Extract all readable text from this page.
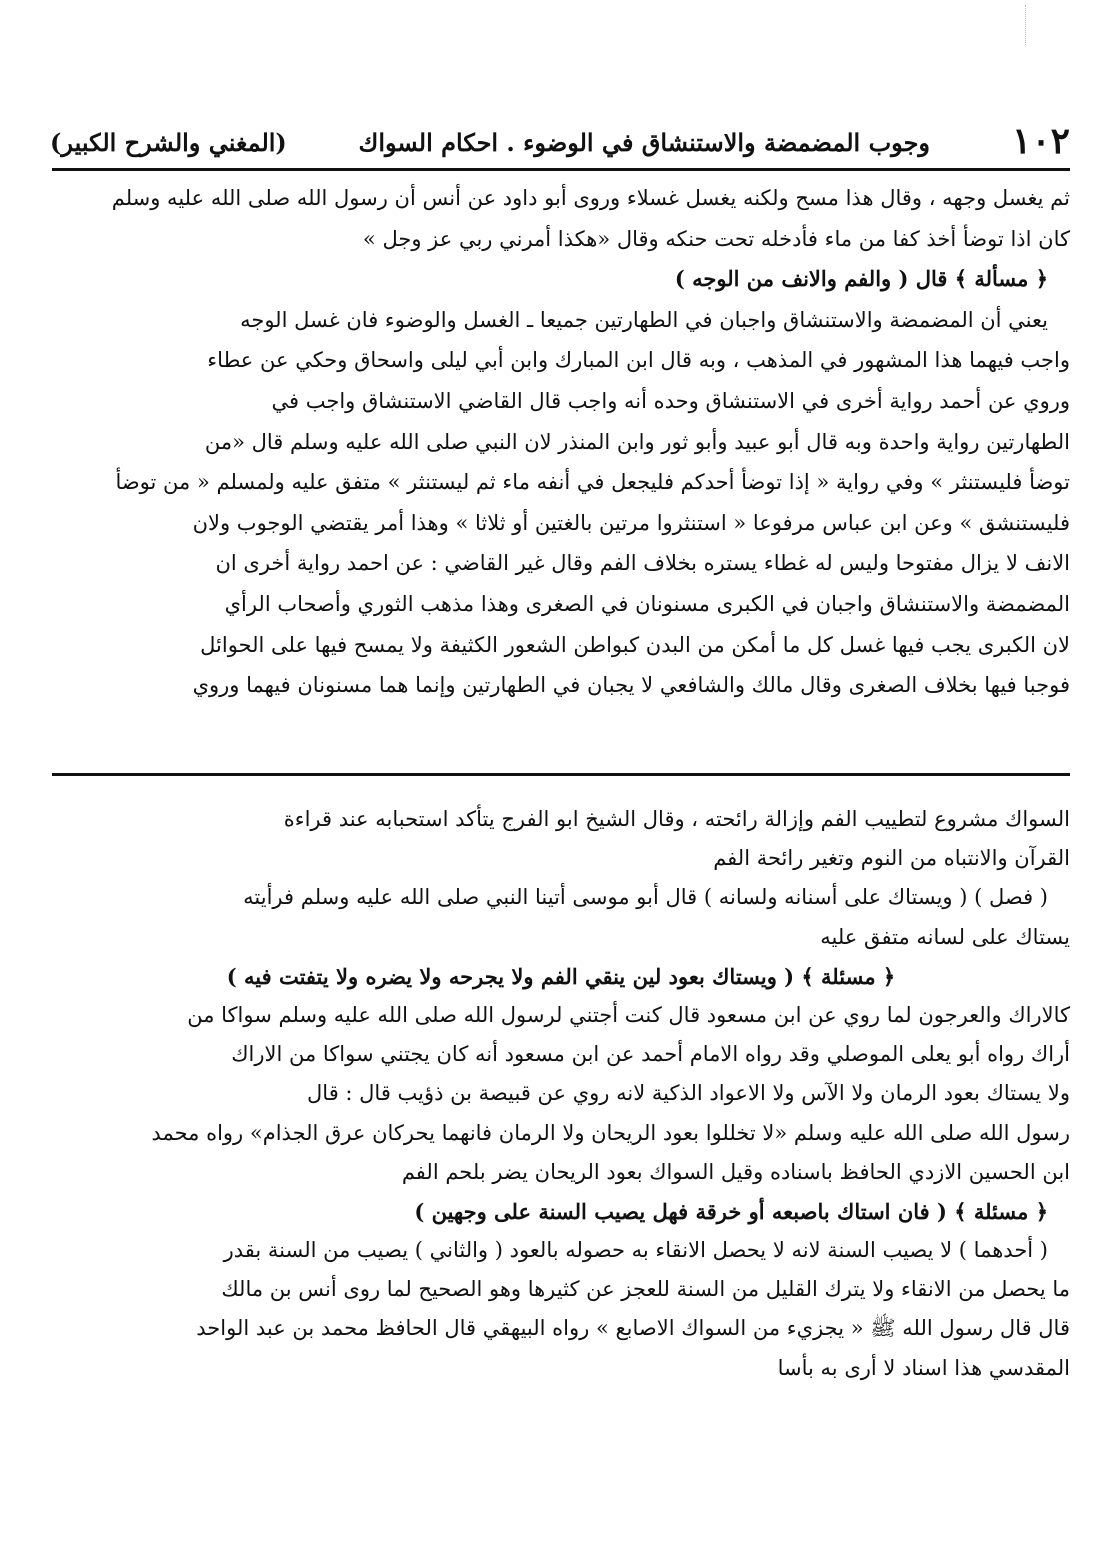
١٠٢
وجوب المضمضة والاستنشاق في الوضوء . احكام السواك
(المغني والشرح الكبير)
ثم يغسل وجهه ، وقال هذا مسح ولكنه يغسل غسلاء وروى أبو داود عن أنس أن رسول الله صلى الله عليه وسلم
كان اذا توضأ أخذ كفا من ماء فأدخله تحت حنكه وقال «هكذا أمرني ربي عز وجل »
﴿ مسألة ﴾ قال ( والفم والانف من الوجه )
يعني أن المضمضة والاستنشاق واجبان في الطهارتين جميعا ـ الغسل والوضوء فان غسل الوجه
واجب فيهما هذا المشهور في المذهب ، وبه قال ابن المبارك وابن أبي ليلى واسحاق وحكي عن عطاء
وروي عن أحمد رواية أخرى في الاستنشاق وحده أنه واجب قال القاضي الاستنشاق واجب في
الطهارتين رواية واحدة وبه قال أبو عبيد وأبو ثور وابن المنذر لان النبي صلى الله عليه وسلم قال «من
توضأ فليستنثر » وفي رواية « إذا توضأ أحدكم فليجعل في أنفه ماء ثم ليستنثر » متفق عليه ولمسلم « من توضأ
فليستنشق » وعن ابن عباس مرفوعا « استنثروا مرتين بالغتين أو ثلاثا » وهذا أمر يقتضي الوجوب ولان
الانف لا يزال مفتوحا وليس له غطاء يستره بخلاف الفم وقال غير القاضي : عن احمد رواية أخرى ان
المضمضة والاستنشاق واجبان في الكبرى مسنونان في الصغرى وهذا مذهب الثوري وأصحاب الرأي
لان الكبرى يجب فيها غسل كل ما أمكن من البدن كبواطن الشعور الكثيفة ولا يمسح فيها على الحوائل
فوجبا فيها بخلاف الصغرى وقال مالك والشافعي لا يجبان في الطهارتين وإنما هما مسنونان فيهما وروي
السواك مشروع لتطييب الفم وإزالة رائحته ، وقال الشيخ ابو الفرج يتأكد استحبابه عند قراءة
القرآن والانتباه من النوم وتغير رائحة الفم
( فصل ) ( ويستاك على أسنانه ولسانه ) قال أبو موسى أتينا النبي صلى الله عليه وسلم فرأيته
يستاك على لسانه متفق عليه
﴿ مسئلة ﴾ ( ويستاك بعود لين ينقي الفم ولا يجرحه ولا يضره ولا يتفتت فيه )
كالاراك والعرجون لما روي عن ابن مسعود قال كنت أجتني لرسول الله صلى الله عليه وسلم سواكا من
أراك رواه أبو يعلى الموصلي وقد رواه الامام أحمد عن ابن مسعود أنه كان يجتني سواكا من الاراك
ولا يستاك بعود الرمان ولا الآس ولا الاعواد الذكية لانه روي عن قبيصة بن ذؤيب قال : قال
رسول الله صلى الله عليه وسلم «لا تخللوا بعود الريحان ولا الرمان فانهما يحركان عرق الجذام» رواه محمد
ابن الحسين الازدي الحافظ باسناده وقيل السواك بعود الريحان يضر بلحم الفم
﴿ مسئلة ﴾ ( فان استاك باصبعه أو خرقة فهل يصيب السنة على وجهين )
( أحدهما ) لا يصيب السنة لانه لا يحصل الانقاء به حصوله بالعود ( والثاني ) يصيب من السنة بقدر
ما يحصل من الانقاء ولا يترك القليل من السنة للعجز عن كثيرها وهو الصحيح لما روى أنس بن مالك
قال قال رسول الله ﷺ « يجزيء من السواك الاصابع » رواه البيهقي قال الحافظ محمد بن عبد الواحد
المقدسي هذا اسناد لا أرى به بأسا
